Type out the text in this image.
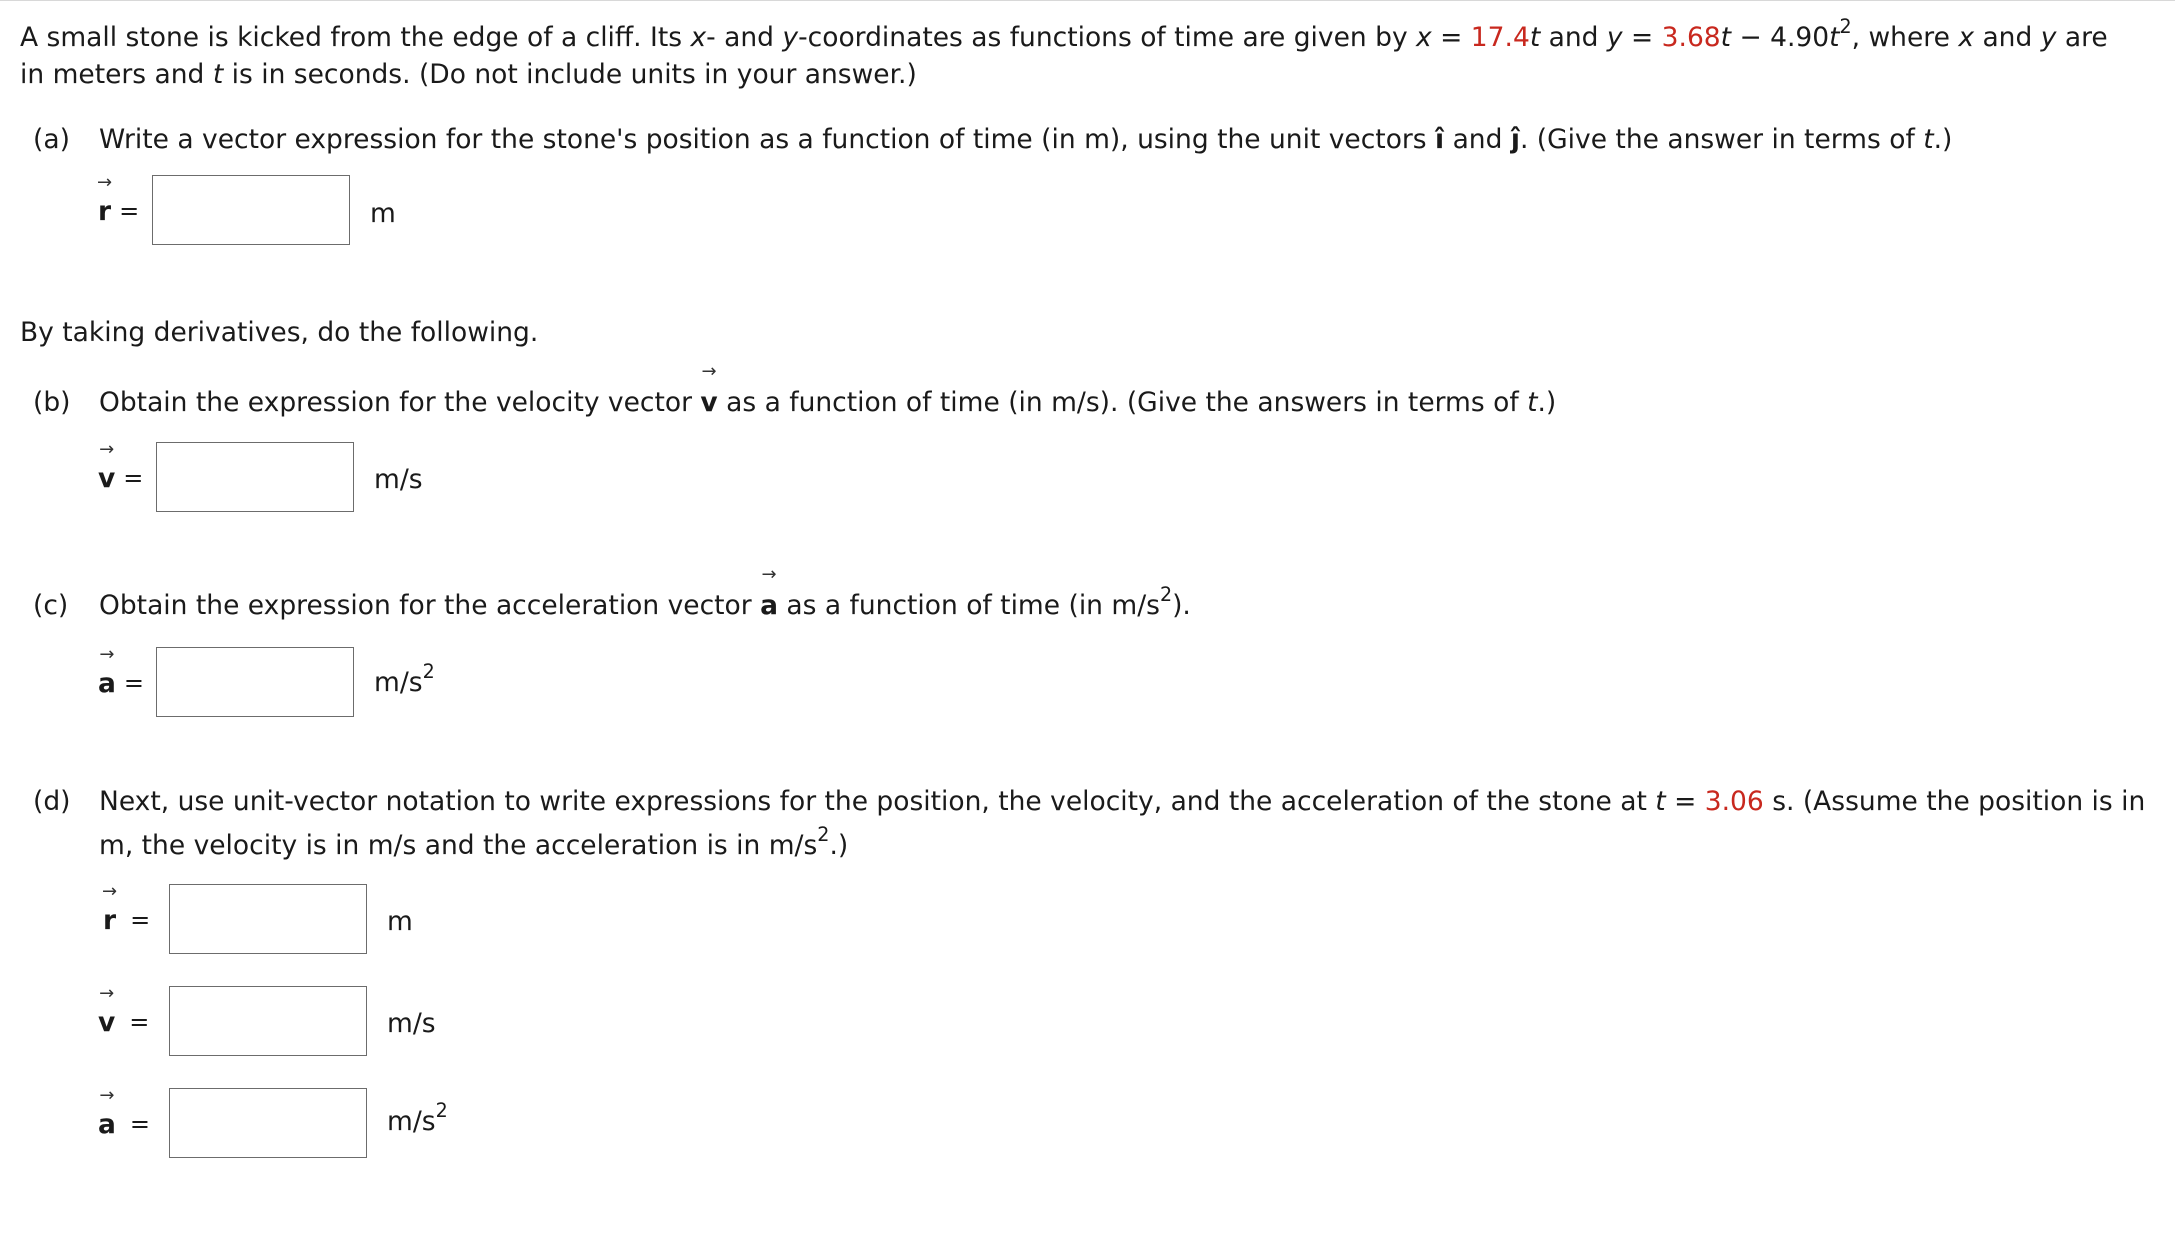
A small stone is kicked from the edge of a cliff. Its x- and y-coordinates as functions of time are given by x = 17.4t and $y = 3.68t - 4.90t^2$, where x and y are
in meters and t is in seconds. (Do not include units in your answer.)
(a) Write a vector expression for the stone's position as a function of time (in m), using the unit vectors î and ĵ. (Give the answer in terms of t.)
→
r =	m
By taking derivatives, do the following.
(b) Obtain the expression for the velocity vector
→
v as a function of time (in m/s). (Give the answers in terms of t.)
→
v =	m/s
(c) Obtain the expression for the acceleration vector
→
a as a function of time (in $m/s^2$).
→
a =	$m/s^2$
(d) Next, use unit-vector notation to write expressions for the position, the velocity, and the acceleration of the stone at t = 3.06 s. (Assume the position is in
m, the velocity is in m/s and the acceleration is in $m/s^2$.)
→
r =	m
→
v =	m/s
→
a =	$m/s^2$
